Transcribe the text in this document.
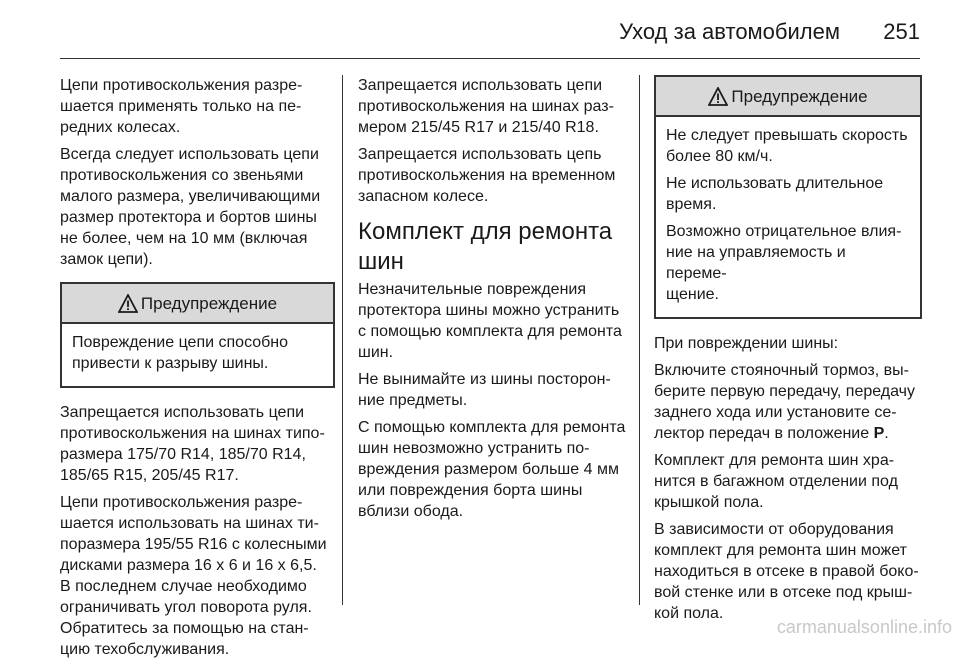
Уход за автомобилем 251

Цепи противоскольжения разре-
шается применять только на пе-
редних колесах.

Всегда следует использовать цепи
противоскольжения со звеньями
малого размера, увеличивающими
размер протектора и бортов шины
не более, чем на 10 мм (включая
замок цепи).

Предупреждение

Повреждение цепи способно
привести к разрыву шины.

Запрещается использовать цепи
противоскольжения на шинах типо-
размера 175/70 R14, 185/70 R14,
185/65 R15, 205/45 R17.

Цепи противоскольжения разре-
шается использовать на шинах ти-
поразмера 195/55 R16 с колесными
дисками размера 16 x 6 и 16 x 6,5.
В последнем случае необходимо
ограничивать угол поворота руля.
Обратитесь за помощью на стан-
цию техобслуживания.

Запрещается использовать цепи
противоскольжения на шинах раз-
мером 215/45 R17 и 215/40 R18.

Запрещается использовать цепь
противоскольжения на временном
запасном колесе.

Комплект для ремонта
шин

Незначительные повреждения
протектора шины можно устранить
с помощью комплекта для ремонта
шин.

Не вынимайте из шины посторон-
ние предметы.

С помощью комплекта для ремонта
шин невозможно устранить по-
вреждения размером больше 4 мм
или повреждения борта шины
вблизи обода.

Предупреждение

Не следует превышать скорость
более 80 км/ч.

Не использовать длительное
время.

Возможно отрицательное влия-
ние на управляемость и переме-
щение.

При повреждении шины:

Включите стояночный тормоз, вы-
берите первую передачу, передачу
заднего хода или установите се-
лектор передач в положение P.

Комплект для ремонта шин хра-
нится в багажном отделении под
крышкой пола.

В зависимости от оборудования
комплект для ремонта шин может
находиться в отсеке в правой боко-
вой стенке или в отсеке под крыш-
кой пола.

carmanualsonline.info
